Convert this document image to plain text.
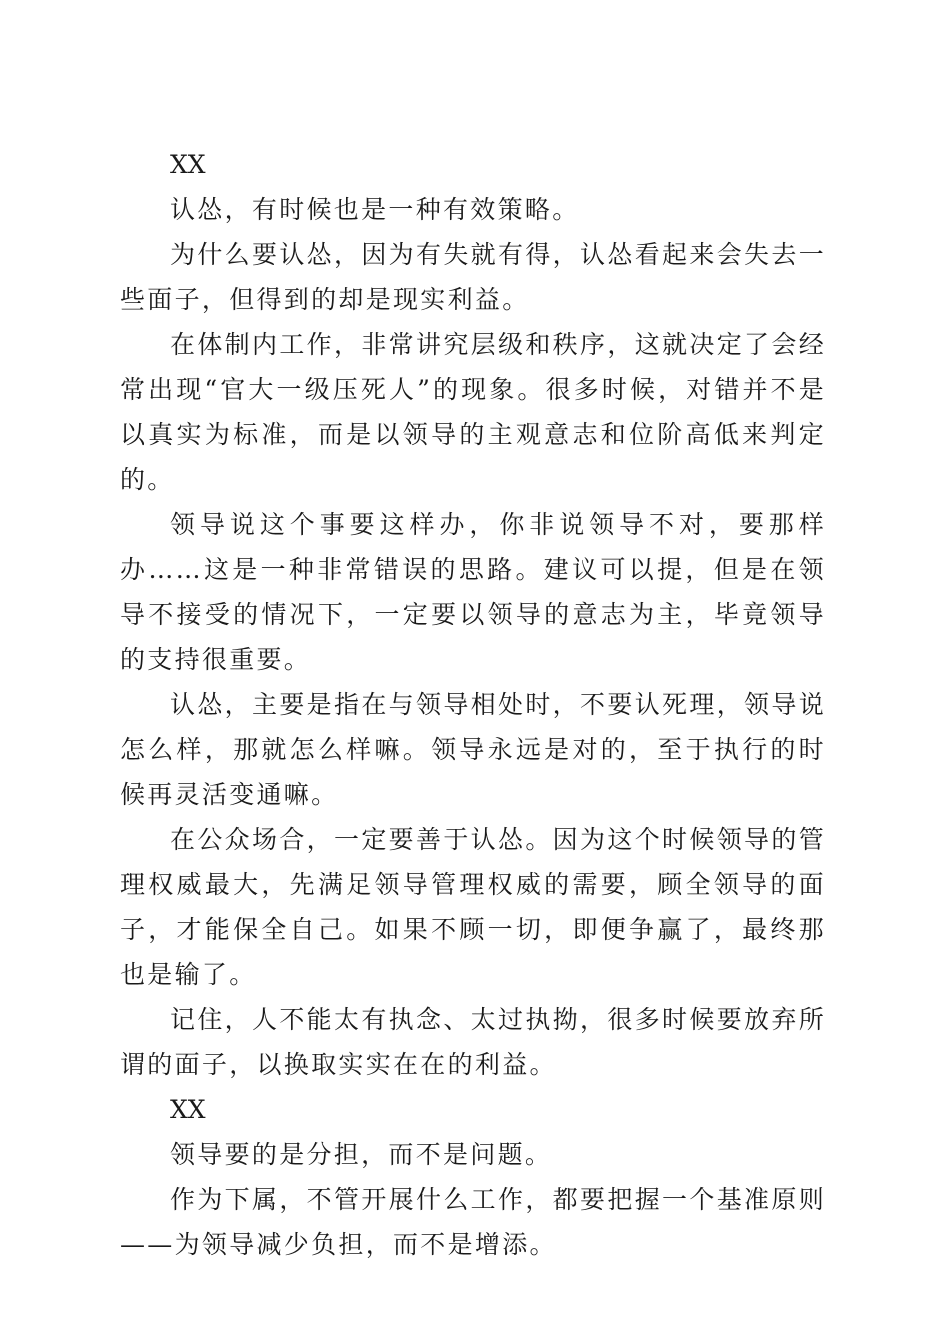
XX

认怂，有时候也是一种有效策略。

为什么要认怂，因为有失就有得，认怂看起来会失去一些面子，但得到的却是现实利益。

在体制内工作，非常讲究层级和秩序，这就决定了会经常出现“官大一级压死人”的现象。很多时候，对错并不是以真实为标准，而是以领导的主观意志和位阶高低来判定的。

领导说这个事要这样办，你非说领导不对，要那样办……这是一种非常错误的思路。建议可以提，但是在领导不接受的情况下，一定要以领导的意志为主，毕竟领导的支持很重要。

认怂，主要是指在与领导相处时，不要认死理，领导说怎么样，那就怎么样嘛。领导永远是对的，至于执行的时候再灵活变通嘛。

在公众场合，一定要善于认怂。因为这个时候领导的管理权威最大，先满足领导管理权威的需要，顾全领导的面子，才能保全自己。如果不顾一切，即便争赢了，最终那也是输了。

记住，人不能太有执念、太过执拗，很多时候要放弃所谓的面子，以换取实实在在的利益。

XX

领导要的是分担，而不是问题。

作为下属，不管开展什么工作，都要把握一个基准原则——为领导减少负担，而不是增添。
